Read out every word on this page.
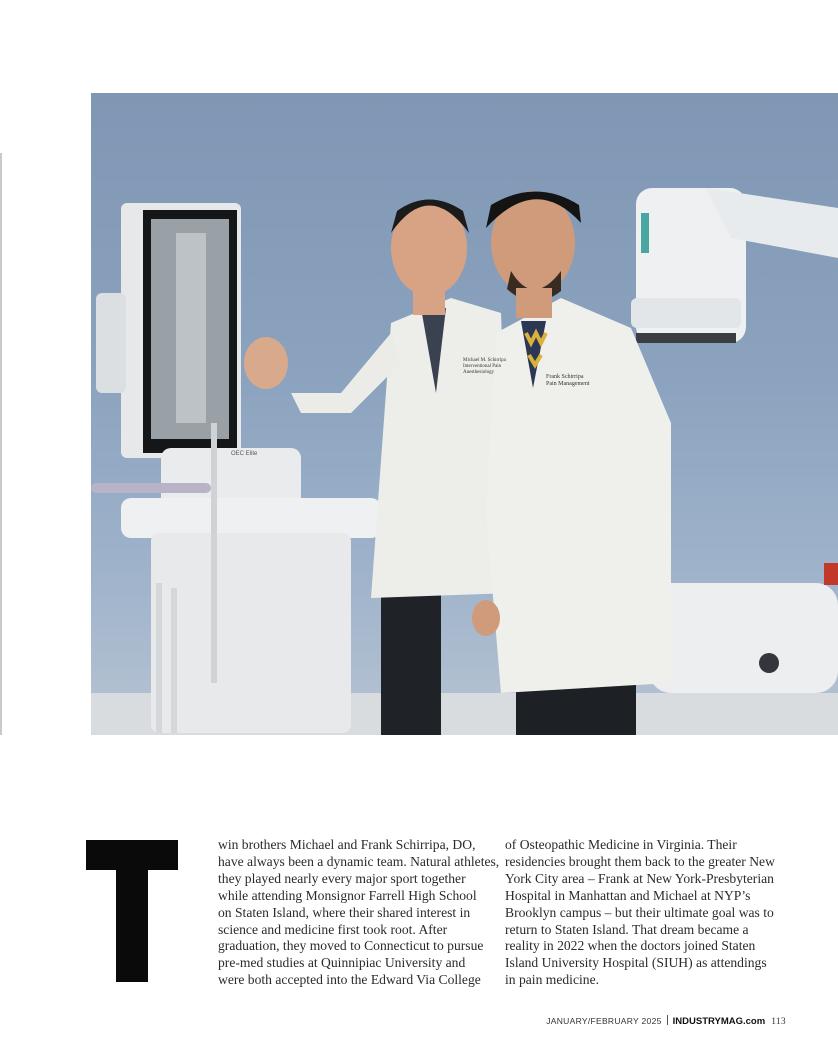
Michael M. Schirripa
Interventional Pain
Anesthesiology
Frank Schirripa
Pain Management
OEC Elite
win brothers Michael and Frank Schirripa, DO,
have always been a dynamic team. Natural athletes,
they played nearly every major sport together
while attending Monsignor Farrell High School
on Staten Island, where their shared interest in
science and medicine first took root. After
graduation, they moved to Connecticut to pursue
pre-med studies at Quinnipiac University and
were both accepted into the Edward Via College
of Osteopathic Medicine in Virginia. Their
residencies brought them back to the greater New
York City area – Frank at New York-Presbyterian
Hospital in Manhattan and Michael at NYP’s
Brooklyn campus – but their ultimate goal was to
return to Staten Island. That dream became a
reality in 2022 when the doctors joined Staten
Island University Hospital (SIUH) as attendings
in pain medicine.
JANUARY/FEBRUARY 2025 INDUSTRYMAG.com 113
